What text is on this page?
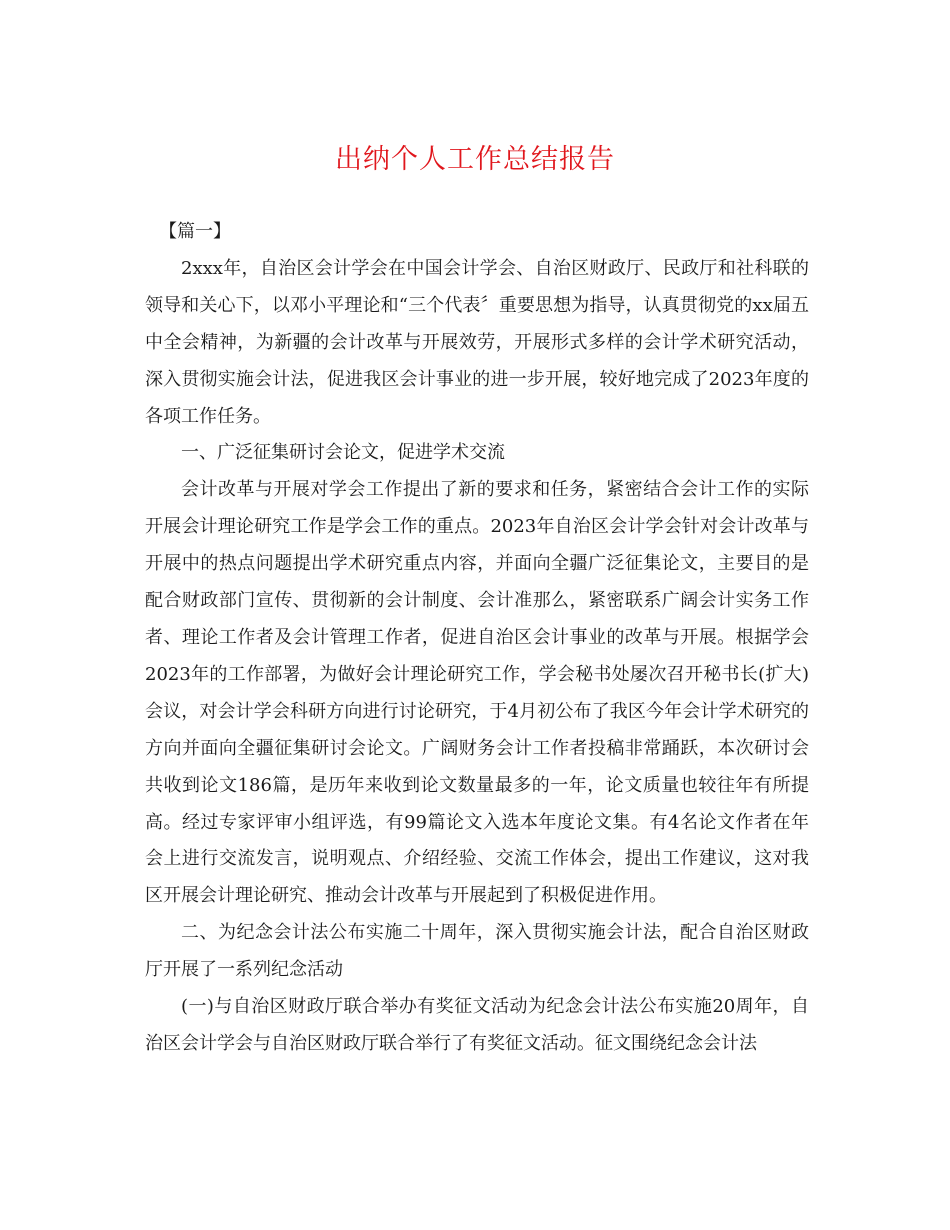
出纳个人工作总结报告

【篇一】

2xxx年，自治区会计学会在中国会计学会、自治区财政厅、民政厅和社科联的领导和关心下，以邓小平理论和“三个代表〞重要思想为指导，认真贯彻党的xx届五中全会精神，为新疆的会计改革与开展效劳，开展形式多样的会计学术研究活动，深入贯彻实施会计法，促进我区会计事业的进一步开展，较好地完成了2023年度的各项工作任务。

一、广泛征集研讨会论文，促进学术交流

会计改革与开展对学会工作提出了新的要求和任务，紧密结合会计工作的实际开展会计理论研究工作是学会工作的重点。2023年自治区会计学会针对会计改革与开展中的热点问题提出学术研究重点内容，并面向全疆广泛征集论文，主要目的是配合财政部门宣传、贯彻新的会计制度、会计准那么，紧密联系广阔会计实务工作者、理论工作者及会计管理工作者，促进自治区会计事业的改革与开展。根据学会2023年的工作部署，为做好会计理论研究工作，学会秘书处屡次召开秘书长(扩大)会议，对会计学会科研方向进行讨论研究，于4月初公布了我区今年会计学术研究的方向并面向全疆征集研讨会论文。广阔财务会计工作者投稿非常踊跃，本次研讨会共收到论文186篇，是历年来收到论文数量最多的一年，论文质量也较往年有所提高。经过专家评审小组评选，有99篇论文入选本年度论文集。有4名论文作者在年会上进行交流发言，说明观点、介绍经验、交流工作体会，提出工作建议，这对我区开展会计理论研究、推动会计改革与开展起到了积极促进作用。

二、为纪念会计法公布实施二十周年，深入贯彻实施会计法，配合自治区财政厅开展了一系列纪念活动

(一)与自治区财政厅联合举办有奖征文活动为纪念会计法公布实施20周年，自治区会计学会与自治区财政厅联合举行了有奖征文活动。征文围绕纪念会计法
